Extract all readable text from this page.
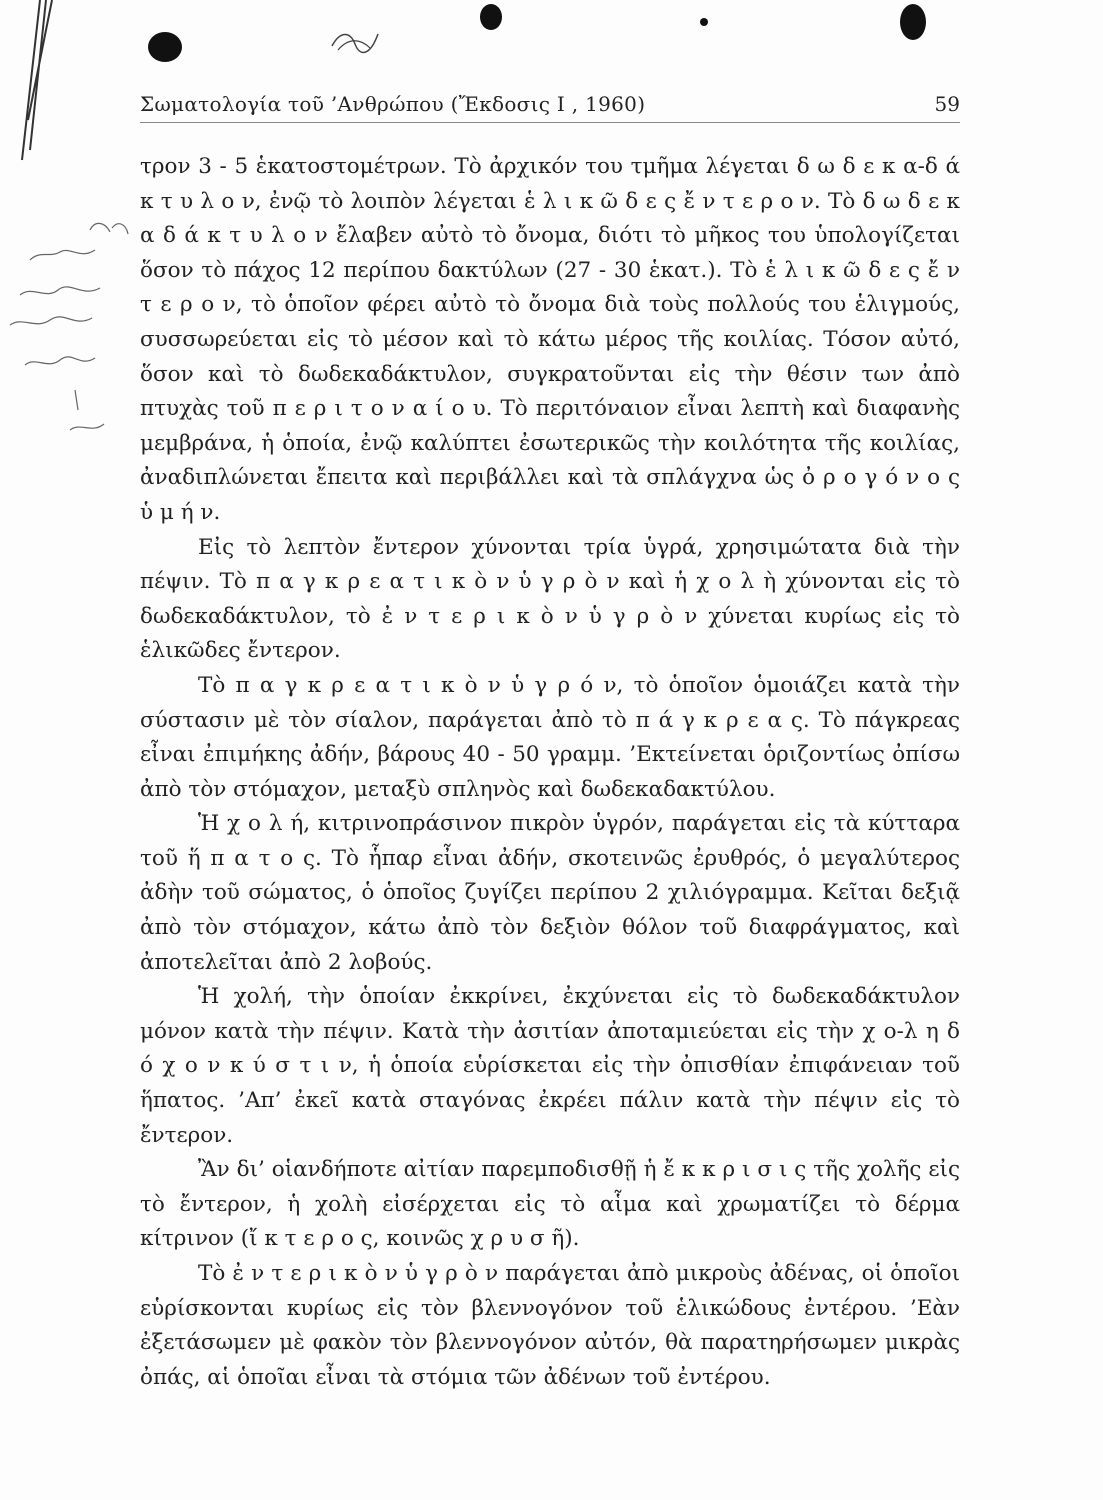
Σωματολογία τοῦ ’Ανθρώπου (Ἔκδοσις I , 1960)	59

τρον 3 - 5 ἑκατοστομέτρων. Τὸ ἀρχικόν του τμῆμα λέγεται δ ω δ ε κ α-δ ά κ τ υ λ ο ν, ἐνῷ τὸ λοιπὸν λέγεται ἑ λ ι κ ῶ δ ε ς ἔ ν τ ε ρ ο ν. Τὸ δ ω δ ε κ α δ ά κ τ υ λ ο ν ἔλαβεν αὐτὸ τὸ ὄνομα, διότι τὸ μῆκος του ὑπολογίζεται ὅσον τὸ πάχος 12 περίπου δακτύλων (27 - 30 ἑκατ.). Τὸ ἑ λ ι κ ῶ δ ε ς ἔ ν τ ε ρ ο ν, τὸ ὁποῖον φέρει αὐτὸ τὸ ὄνομα διὰ τοὺς πολλούς του ἑλιγμούς, συσσωρεύεται εἰς τὸ μέσον καὶ τὸ κάτω μέρος τῆς κοιλίας. Τόσον αὐτό, ὅσον καὶ τὸ δωδεκαδάκτυλον, συγκρατοῦνται εἰς τὴν θέσιν των ἀπὸ πτυχὰς τοῦ π ε ρ ι τ ο ν α ί ο υ. Τὸ περιτόναιον εἶναι λεπτὴ καὶ διαφανὴς μεμβράνα, ἡ ὁποία, ἐνῷ καλύπτει ἐσωτερικῶς τὴν κοιλότητα τῆς κοιλίας, ἀναδιπλώνεται ἔπειτα καὶ περιβάλλει καὶ τὰ σπλάγχνα ὡς ὀ ρ ο γ ό ν ο ς ὑ μ ή ν.

Εἰς τὸ λεπτὸν ἔντερον χύνονται τρία ὑγρά, χρησιμώτατα διὰ τὴν πέψιν. Τὸ π α γ κ ρ ε α τ ι κ ὸ ν ὑ γ ρ ὸ ν καὶ ἡ χ ο λ ὴ χύνονται εἰς τὸ δωδεκαδάκτυλον, τὸ ἐ ν τ ε ρ ι κ ὸ ν ὑ γ ρ ὸ ν χύνεται κυρίως εἰς τὸ ἑλικῶδες ἔντερον.

Τὸ π α γ κ ρ ε α τ ι κ ὸ ν ὑ γ ρ ό ν, τὸ ὁποῖον ὁμοιάζει κατὰ τὴν σύστασιν μὲ τὸν σίαλον, παράγεται ἀπὸ τὸ π ά γ κ ρ ε α ς. Τὸ πάγκρεας εἶναι ἐπιμήκης ἀδήν, βάρους 40 - 50 γραμμ. ’Εκτείνεται ὁριζοντίως ὀπίσω ἀπὸ τὸν στόμαχον, μεταξὺ σπληνὸς καὶ δωδεκαδακτύλου.

Ἡ χ ο λ ή, κιτρινοπράσινον πικρὸν ὑγρόν, παράγεται εἰς τὰ κύτταρα τοῦ ἥ π α τ ο ς. Τὸ ἧπαρ εἶναι ἀδήν, σκοτεινῶς ἐρυθρός, ὁ μεγαλύτερος ἀδὴν τοῦ σώματος, ὁ ὁποῖος ζυγίζει περίπου 2 χιλιόγραμμα. Κεῖται δεξιᾷ ἀπὸ τὸν στόμαχον, κάτω ἀπὸ τὸν δεξιὸν θόλον τοῦ διαφράγματος, καὶ ἀποτελεῖται ἀπὸ 2 λοβούς.

Ἡ χολή, τὴν ὁποίαν ἐκκρίνει, ἐκχύνεται εἰς τὸ δωδεκαδάκτυλον μόνον κατὰ τὴν πέψιν. Κατὰ τὴν ἀσιτίαν ἀποταμιεύεται εἰς τὴν χ ο-λ η δ ό χ ο ν κ ύ σ τ ι ν, ἡ ὁποία εὑρίσκεται εἰς τὴν ὀπισθίαν ἐπιφάνειαν τοῦ ἥπατος. ’Απ’ ἐκεῖ κατὰ σταγόνας ἐκρέει πάλιν κατὰ τὴν πέψιν εἰς τὸ ἔντερον.

Ἂν δι’ οἱανδήποτε αἰτίαν παρεμποδισθῇ ἡ ἔ κ κ ρ ι σ ι ς τῆς χολῆς εἰς τὸ ἔντερον, ἡ χολὴ εἰσέρχεται εἰς τὸ αἷμα καὶ χρωματίζει τὸ δέρμα κίτρινον (ἴ κ τ ε ρ ο ς, κοινῶς χ ρ υ σ ῆ).

Τὸ ἐ ν τ ε ρ ι κ ὸ ν ὑ γ ρ ὸ ν παράγεται ἀπὸ μικροὺς ἀδένας, οἱ ὁποῖοι εὑρίσκονται κυρίως εἰς τὸν βλεννογόνον τοῦ ἑλικώδους ἐντέρου. ’Εὰν ἐξετάσωμεν μὲ φακὸν τὸν βλεννογόνον αὐτόν, θὰ παρατηρήσωμεν μικρὰς ὀπάς, αἱ ὁποῖαι εἶναι τὰ στόμια τῶν ἀδένων τοῦ ἐντέρου.
